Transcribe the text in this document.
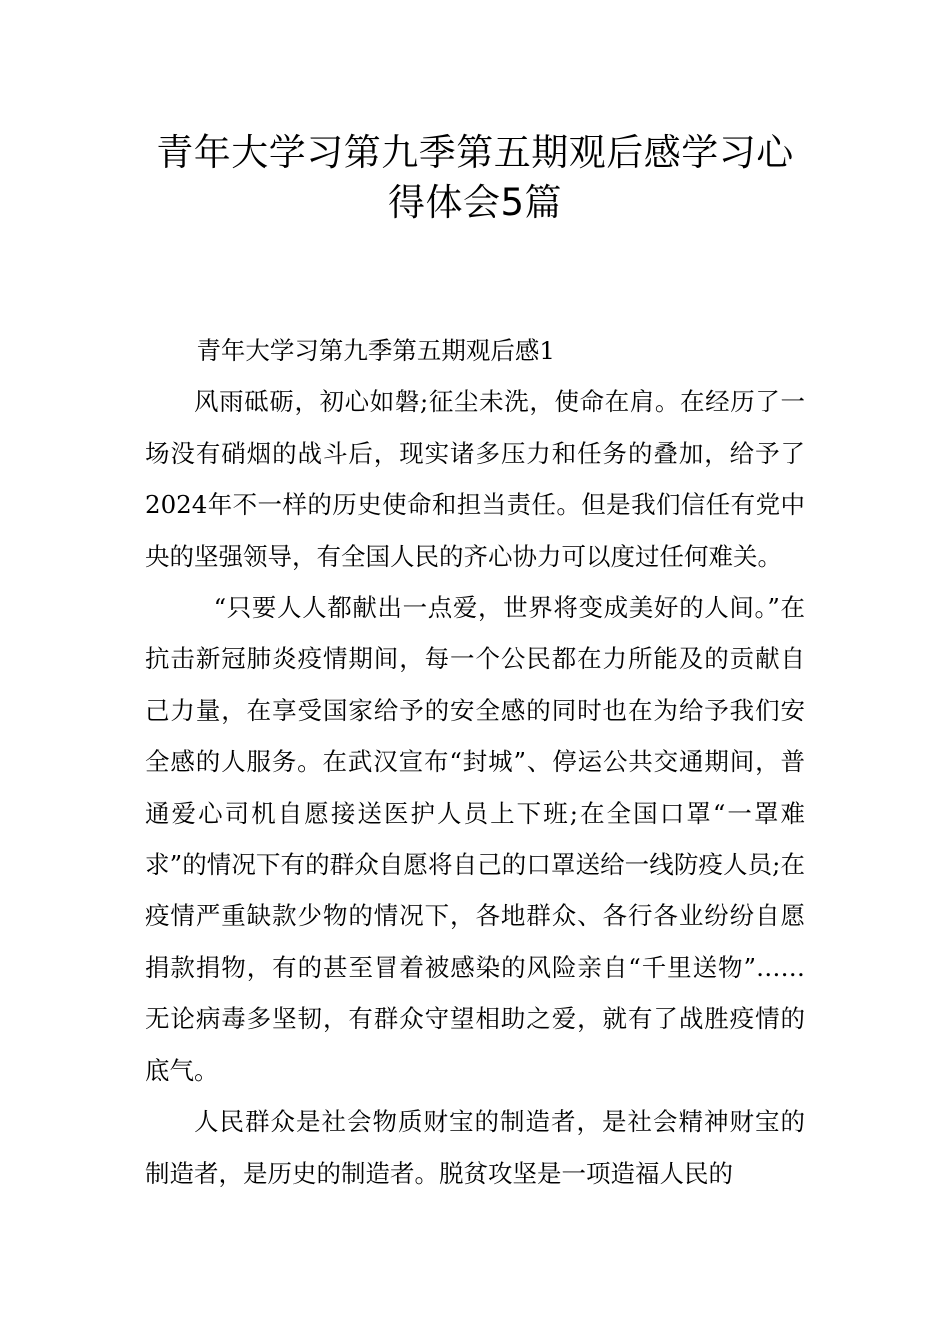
青年大学习第九季第五期观后感学习心
得体会5篇

青年大学习第九季第五期观后感1

风雨砥砺，初心如磐;征尘未洗，使命在肩。在经历了一场没有硝烟的战斗后，现实诸多压力和任务的叠加，给予了2024年不一样的历史使命和担当责任。但是我们信任有党中央的坚强领导，有全国人民的齐心协力可以度过任何难关。

“只要人人都献出一点爱，世界将变成美好的人间。”在抗击新冠肺炎疫情期间，每一个公民都在力所能及的贡献自己力量，在享受国家给予的安全感的同时也在为给予我们安全感的人服务。在武汉宣布“封城”、停运公共交通期间，普通爱心司机自愿接送医护人员上下班;在全国口罩“一罩难求”的情况下有的群众自愿将自己的口罩送给一线防疫人员;在疫情严重缺款少物的情况下，各地群众、各行各业纷纷自愿捐款捐物，有的甚至冒着被感染的风险亲自“千里送物”……无论病毒多坚韧，有群众守望相助之爱，就有了战胜疫情的底气。

人民群众是社会物质财宝的制造者，是社会精神财宝的制造者，是历史的制造者。脱贫攻坚是一项造福人民的
